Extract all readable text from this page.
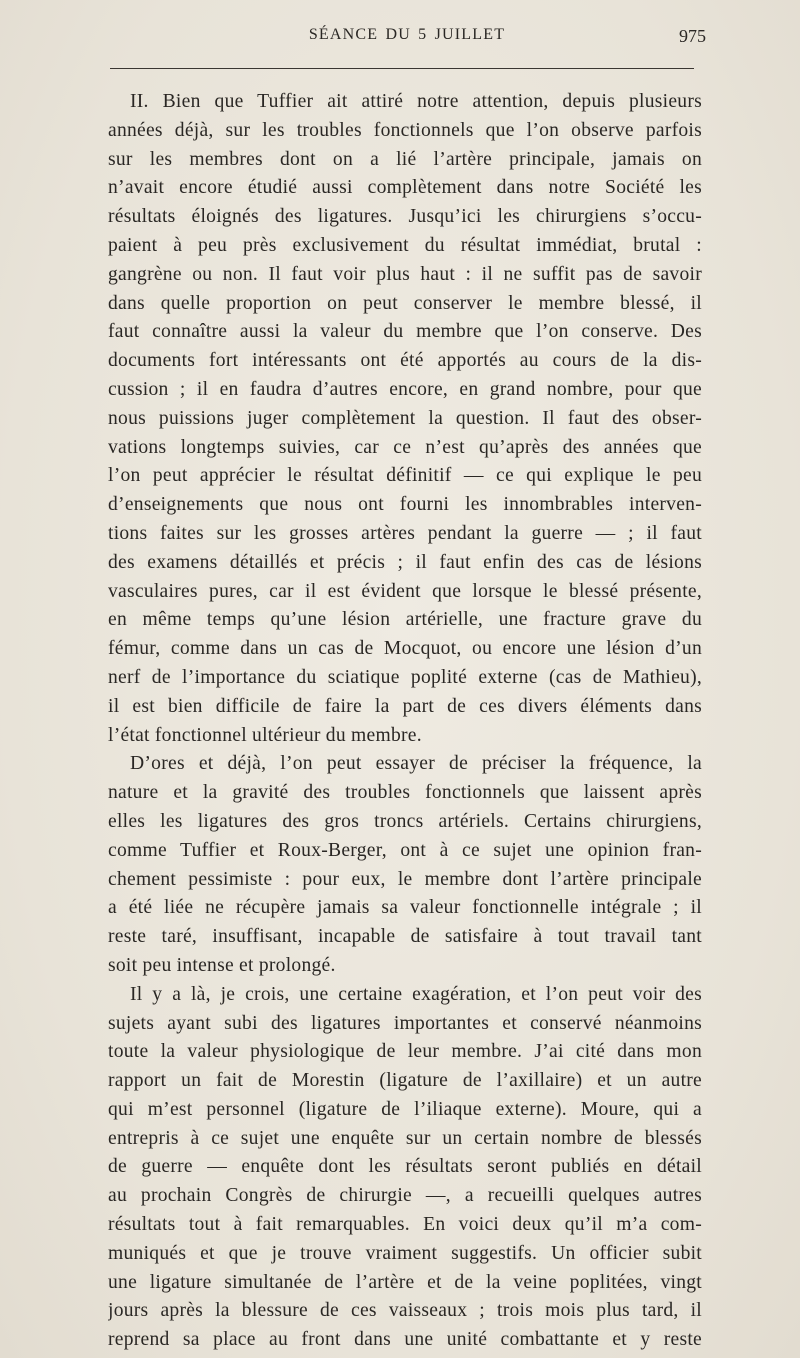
SÉANCE DU 5 JUILLET	975
II. Bien que Tuffier ait attiré notre attention, depuis plusieurs
années déjà, sur les troubles fonctionnels que l’on observe parfois
sur les membres dont on a lié l’artère principale, jamais on
n’avait encore étudié aussi complètement dans notre Société les
résultats éloignés des ligatures. Jusqu’ici les chirurgiens s’occu-
paient à peu près exclusivement du résultat immédiat, brutal :
gangrène ou non. Il faut voir plus haut : il ne suffit pas de savoir
dans quelle proportion on peut conserver le membre blessé, il
faut connaître aussi la valeur du membre que l’on conserve. Des
documents fort intéressants ont été apportés au cours de la dis-
cussion ; il en faudra d’autres encore, en grand nombre, pour que
nous puissions juger complètement la question. Il faut des obser-
vations longtemps suivies, car ce n’est qu’après des années que
l’on peut apprécier le résultat définitif — ce qui explique le peu
d’enseignements que nous ont fourni les innombrables interven-
tions faites sur les grosses artères pendant la guerre — ; il faut
des examens détaillés et précis ; il faut enfin des cas de lésions
vasculaires pures, car il est évident que lorsque le blessé présente,
en même temps qu’une lésion artérielle, une fracture grave du
fémur, comme dans un cas de Mocquot, ou encore une lésion d’un
nerf de l’importance du sciatique poplité externe (cas de Mathieu),
il est bien difficile de faire la part de ces divers éléments dans
l’état fonctionnel ultérieur du membre.
D’ores et déjà, l’on peut essayer de préciser la fréquence, la
nature et la gravité des troubles fonctionnels que laissent après
elles les ligatures des gros troncs artériels. Certains chirurgiens,
comme Tuffier et Roux-Berger, ont à ce sujet une opinion fran-
chement pessimiste : pour eux, le membre dont l’artère principale
a été liée ne récupère jamais sa valeur fonctionnelle intégrale ; il
reste taré, insuffisant, incapable de satisfaire à tout travail tant
soit peu intense et prolongé.
Il y a là, je crois, une certaine exagération, et l’on peut voir des
sujets ayant subi des ligatures importantes et conservé néanmoins
toute la valeur physiologique de leur membre. J’ai cité dans mon
rapport un fait de Morestin (ligature de l’axillaire) et un autre
qui m’est personnel (ligature de l’iliaque externe). Moure, qui a
entrepris à ce sujet une enquête sur un certain nombre de blessés
de guerre — enquête dont les résultats seront publiés en détail
au prochain Congrès de chirurgie —, a recueilli quelques autres
résultats tout à fait remarquables. En voici deux qu’il m’a com-
muniqués et que je trouve vraiment suggestifs. Un officier subit
une ligature simultanée de l’artère et de la veine poplitées, vingt
jours après la blessure de ces vaisseaux ; trois mois plus tard, il
reprend sa place au front dans une unité combattante et y reste
